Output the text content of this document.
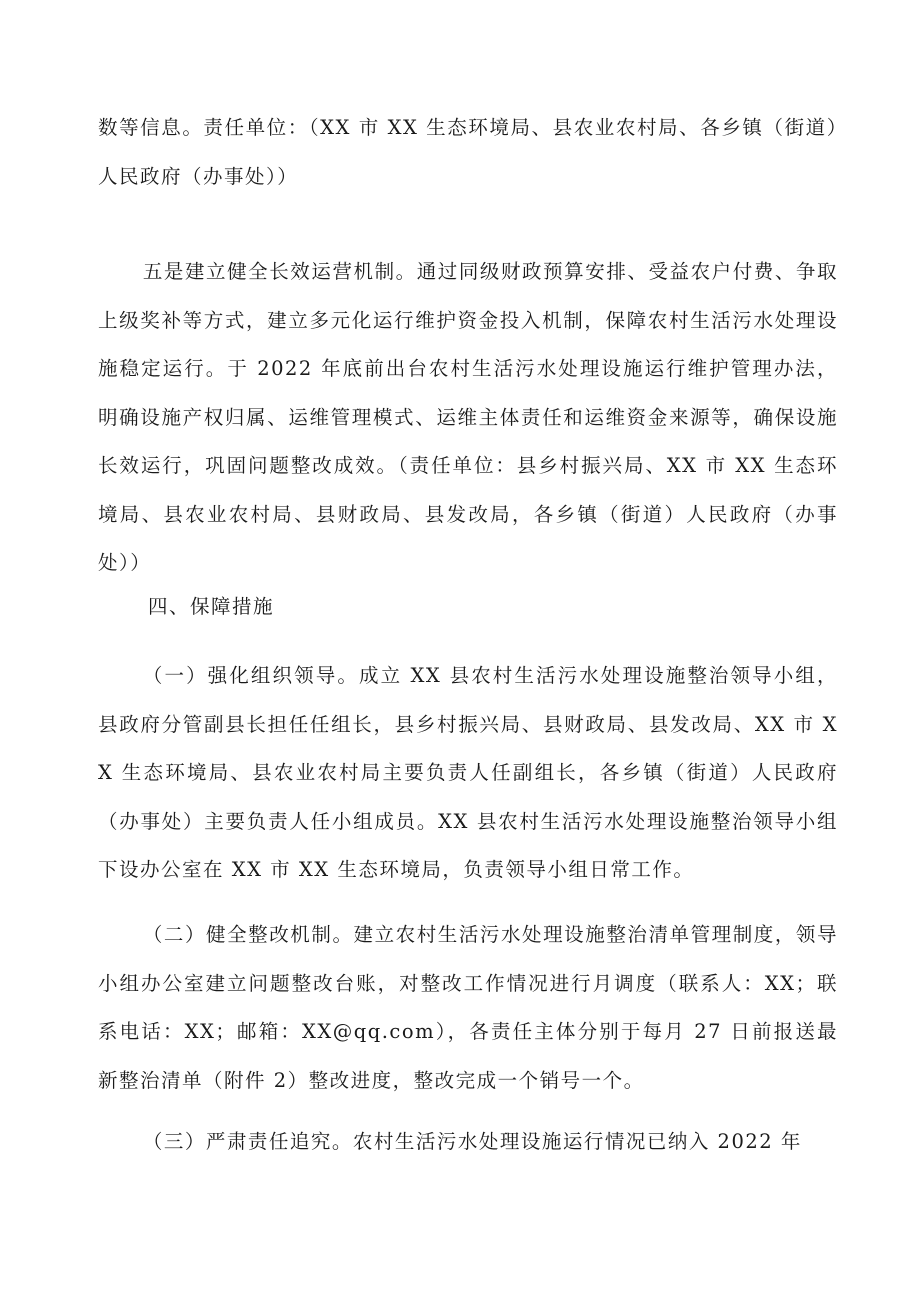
数等信息。责任单位：（XX 市 XX 生态环境局、县农业农村局、各乡镇（街道）人民政府（办事处））

五是建立健全长效运营机制。通过同级财政预算安排、受益农户付费、争取上级奖补等方式，建立多元化运行维护资金投入机制，保障农村生活污水处理设施稳定运行。于 2022 年底前出台农村生活污水处理设施运行维护管理办法，明确设施产权归属、运维管理模式、运维主体责任和运维资金来源等，确保设施长效运行，巩固问题整改成效。（责任单位：县乡村振兴局、XX 市 XX 生态环境局、县农业农村局、县财政局、县发改局，各乡镇（街道）人民政府（办事处））

四、保障措施

（一）强化组织领导。成立 XX 县农村生活污水处理设施整治领导小组，县政府分管副县长担任任组长，县乡村振兴局、县财政局、县发改局、XX 市 XX 生态环境局、县农业农村局主要负责人任副组长，各乡镇（街道）人民政府（办事处）主要负责人任小组成员。XX 县农村生活污水处理设施整治领导小组下设办公室在 XX 市 XX 生态环境局，负责领导小组日常工作。

（二）健全整改机制。建立农村生活污水处理设施整治清单管理制度，领导小组办公室建立问题整改台账，对整改工作情况进行月调度（联系人：XX；联系电话：XX；邮箱：XX@qq.com），各责任主体分别于每月 27 日前报送最新整治清单（附件 2）整改进度，整改完成一个销号一个。

（三）严肃责任追究。农村生活污水处理设施运行情况已纳入 2022 年
